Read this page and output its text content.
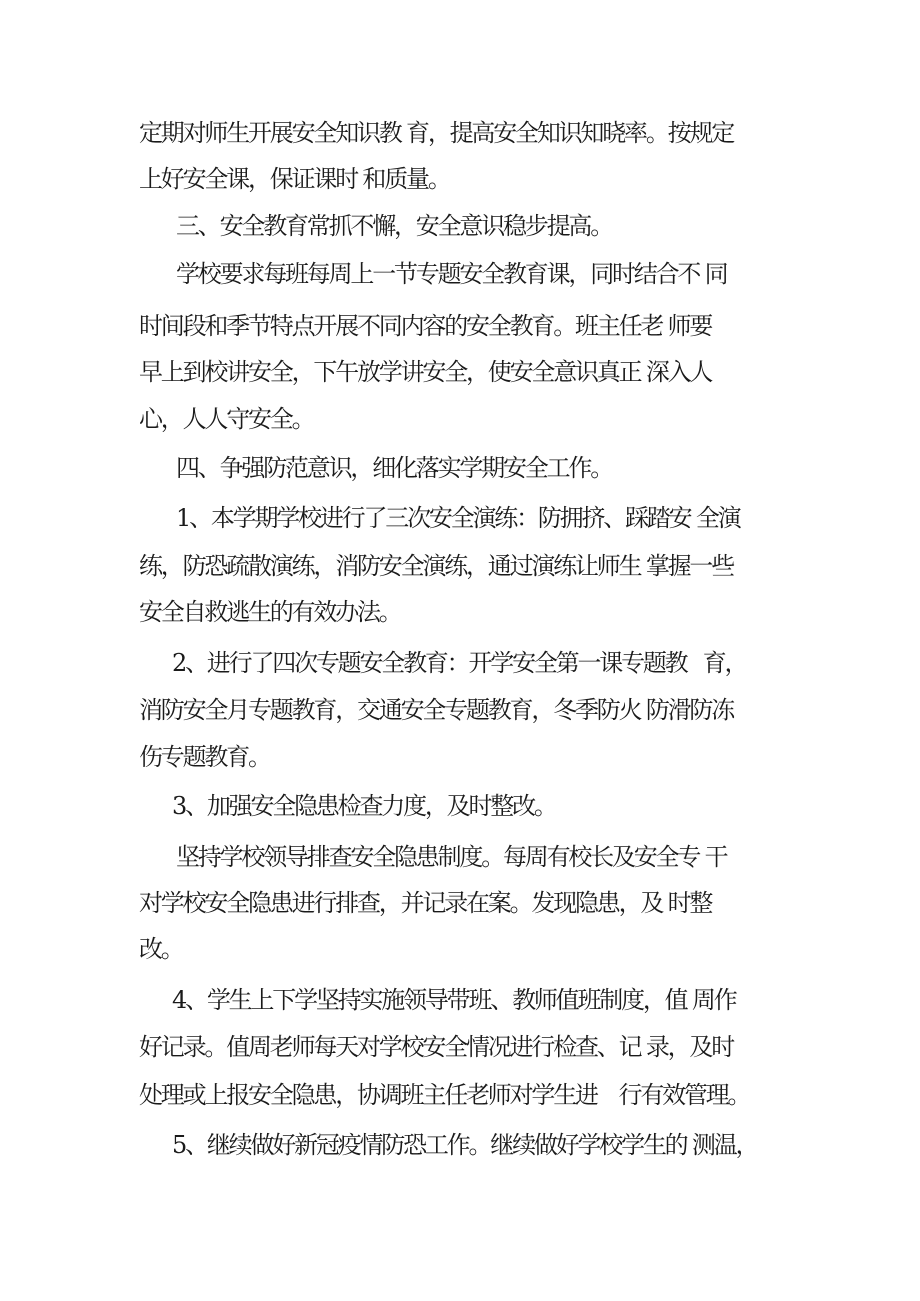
定期对师生开展安全知识教 育，提高安全知识知晓率。按规定
上好安全课，保证课时 和质量。
三、安全教育常抓不懈，安全意识稳步提高。
学校要求每班每周上一节专题安全教育课，同时结合不 同
时间段和季节特点开展不同内容的安全教育。班主任老 师要
早上到校讲安全，下午放学讲安全，使安全意识真正 深入人
心，人人守安全。
四、争强防范意识，细化落实学期安全工作。
1、本学期学校进行了三次安全演练：防拥挤、踩踏安 全演
练，防恐疏散演练，消防安全演练，通过演练让师生 掌握一些
安全自救逃生的有效办法。
2、进行了四次专题安全教育：开学安全第一课专题教   育，
消防安全月专题教育，交通安全专题教育，冬季防火 防滑防冻
伤专题教育。
3、加强安全隐患检查力度，及时整改。
坚持学校领导排查安全隐患制度。每周有校长及安全专 干
对学校安全隐患进行排查，并记录在案。发现隐患，及 时整
改。
4、学生上下学坚持实施领导带班、教师值班制度，值 周作
好记录。值周老师每天对学校安全情况进行检查、记 录，及时
处理或上报安全隐患，协调班主任老师对学生进    行有效管理。
5、继续做好新冠疫情防恐工作。继续做好学校学生的 测温，
